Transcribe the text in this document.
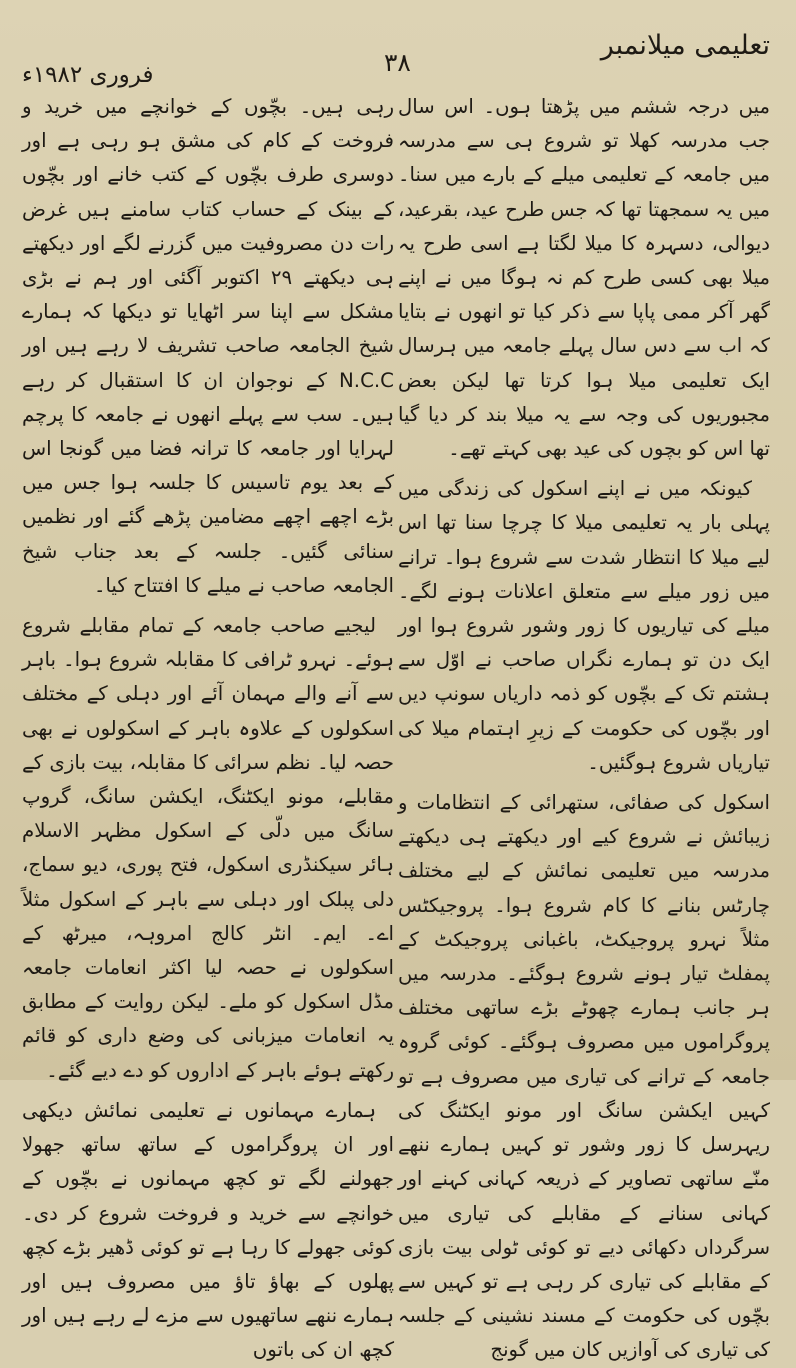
تعلیمی میلانمبر
۳۸
فروری ۱۹۸۲ء

میں درجہ ششم میں پڑھتا ہوں۔ اس سال جب مدرسہ کھلا تو شروع ہی سے مدرسہ میں جامعہ کے تعلیمی میلے کے بارے میں سنا۔ میں یہ سمجھتا تھا کہ جس طرح عید، بقرعید، دیوالی، دسہرہ کا میلا لگتا ہے اسی طرح یہ میلا بھی کسی طرح کم نہ ہوگا میں نے اپنے گھر آکر ممی پاپا سے ذکر کیا تو انھوں نے بتایا کہ اب سے دس سال پہلے جامعہ میں ہرسال ایک تعلیمی میلا ہوا کرتا تھا لیکن بعض مجبوریوں کی وجہ سے یہ میلا بند کر دیا گیا تھا اس کو بچوں کی عید بھی کہتے تھے۔

کیونکہ میں نے اپنے اسکول کی زندگی میں پہلی بار یہ تعلیمی میلا کا چرچا سنا تھا اس لیے میلا کا انتظار شدت سے شروع ہوا۔ ترانے میں زور میلے سے متعلق اعلانات ہونے لگے۔ میلے کی تیاریوں کا زور وشور شروع ہوا اور ایک دن تو ہمارے نگراں صاحب نے اوّل سے ہشتم تک کے بچّوں کو ذمہ داریاں سونپ دیں اور بچّوں کی حکومت کے زیرِ اہتمام میلا کی تیاریاں شروع ہوگئیں۔

اسکول کی صفائی، ستھرائی کے انتظامات و زیبائش نے شروع کیے اور دیکھتے ہی دیکھتے مدرسہ میں تعلیمی نمائش کے لیے مختلف چارٹس بنانے کا کام شروع ہوا۔ پروجیکٹس مثلاً نہرو پروجیکٹ، باغبانی پروجیکٹ کے پمفلٹ تیار ہونے شروع ہوگئے۔ مدرسہ میں ہر جانب ہمارے چھوٹے بڑے ساتھی مختلف پروگراموں میں مصروف ہوگئے۔ کوئی گروہ جامعہ کے ترانے کی تیاری میں مصروف ہے تو کہیں ایکشن سانگ اور مونو ایکٹنگ کی ریہرسل کا زور وشور تو کہیں ہمارے ننھے منّے ساتھی تصاویر کے ذریعہ کہانی کہنے اور کہانی سنانے کے مقابلے کی تیاری میں سرگرداں دکھائی دیے تو کوئی ٹولی بیت بازی کے مقابلے کی تیاری کر رہی ہے تو کہیں سے بچّوں کی حکومت کے مسند نشینی کے جلسہ کی تیاری کی آوازیں کان میں گونج

رہی ہیں۔ بچّوں کے خوانچے میں خرید و فروخت کے کام کی مشق ہو رہی ہے اور دوسری طرف بچّوں کے کتب خانے اور بچّوں کے بینک کے حساب کتاب سامنے ہیں غرض رات دن مصروفیت میں گزرنے لگے اور دیکھتے ہی دیکھتے ۲۹ اکتوبر آگئی اور ہم نے بڑی مشکل سے اپنا سر اٹھایا تو دیکھا کہ ہمارے شیخ الجامعہ صاحب تشریف لا رہے ہیں اور N.C.C کے نوجوان ان کا استقبال کر رہے ہیں۔ سب سے پہلے انھوں نے جامعہ کا پرچم لہرایا اور جامعہ کا ترانہ فضا میں گونجا اس کے بعد یوم تاسیس کا جلسہ ہوا جس میں بڑے اچھے اچھے مضامین پڑھے گئے اور نظمیں سنائی گئیں۔ جلسہ کے بعد جناب شیخ الجامعہ صاحب نے میلے کا افتتاح کیا۔

لیجیے صاحب جامعہ کے تمام مقابلے شروع ہوئے۔ نہرو ٹرافی کا مقابلہ شروع ہوا۔ باہر سے آنے والے مہمان آئے اور دہلی کے مختلف اسکولوں کے علاوہ باہر کے اسکولوں نے بھی حصہ لیا۔ نظم سرائی کا مقابلہ، بیت بازی کے مقابلے، مونو ایکٹنگ، ایکشن سانگ، گروپ سانگ میں دلّی کے اسکول مظہر الاسلام ہائر سیکنڈری اسکول، فتح پوری، دیو سماج، دلی پبلک اور دہلی سے باہر کے اسکول مثلاً اے۔ ایم۔ انٹر کالج امروہہ، میرٹھ کے اسکولوں نے حصہ لیا اکثر انعامات جامعہ مڈل اسکول کو ملے۔ لیکن روایت کے مطابق یہ انعامات میزبانی کی وضع داری کو قائم رکھتے ہوئے باہر کے اداروں کو دے دیے گئے۔

ہمارے مہمانوں نے تعلیمی نمائش دیکھی اور ان پروگراموں کے ساتھ ساتھ جھولا جھولنے لگے تو کچھ مہمانوں نے بچّوں کے خوانچے سے خرید و فروخت شروع کر دی۔ کوئی جھولے کا رہا ہے تو کوئی ڈھیر بڑے کچھ پھلوں کے بھاؤ تاؤ میں مصروف ہیں اور ہمارے ننھے ساتھیوں سے مزے لے رہے ہیں اور کچھ ان کی باتوں
